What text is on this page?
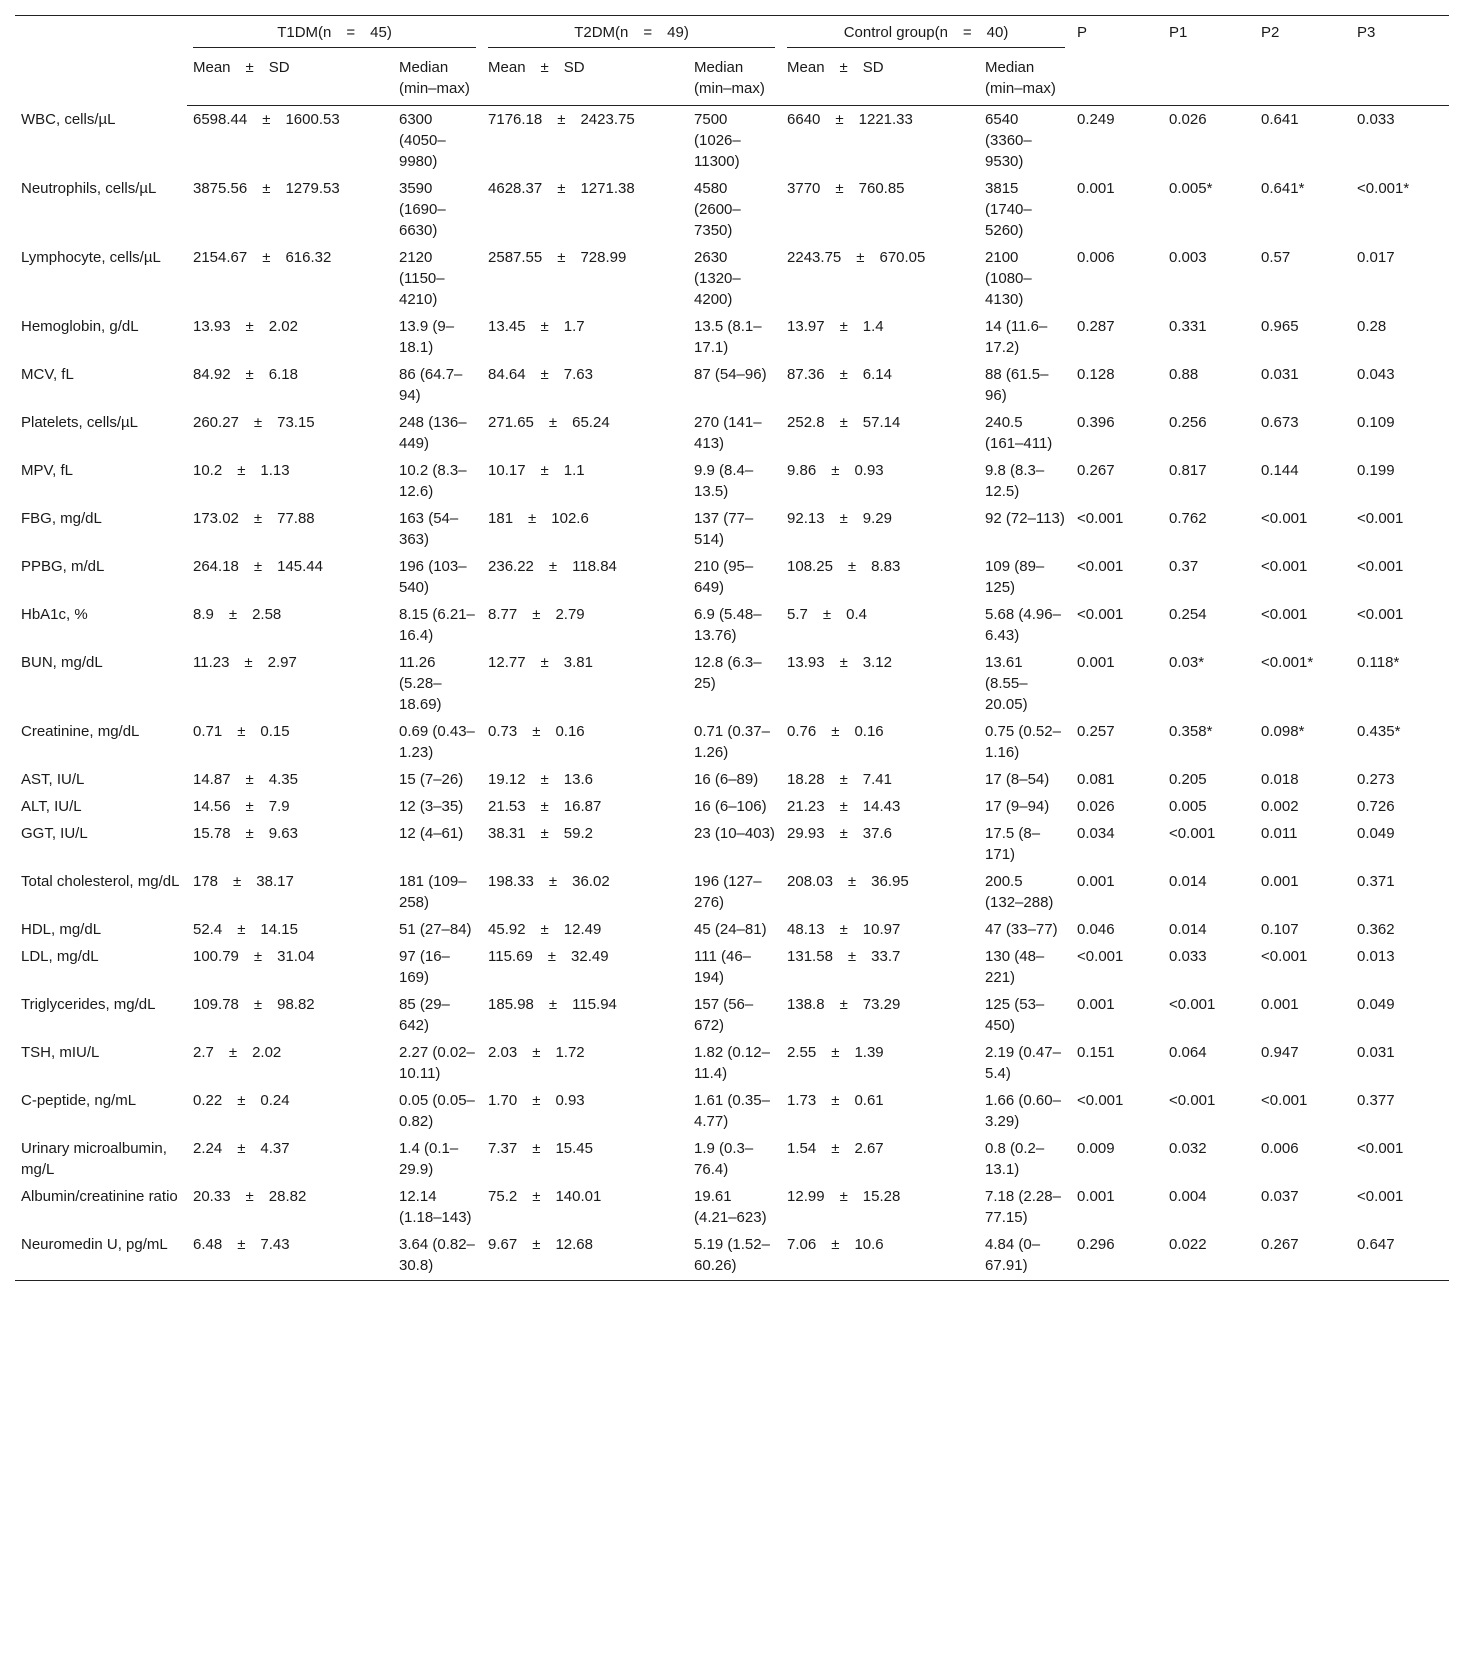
	T1DM(n = 45)		T2DM(n = 49)		Control group(n = 40)		P	P1	P2	P3
	Mean ± SD	Median (min–max)	Mean ± SD	Median (min–max)	Mean ± SD	Median (min–max)				
WBC, cells/µL	6598.44 ± 1600.53	6300 (4050–9980)	7176.18 ± 2423.75	7500 (1026–11300)	6640 ± 1221.33	6540 (3360–9530)	0.249	0.026	0.641	0.033
Neutrophils, cells/µL	3875.56 ± 1279.53	3590 (1690–6630)	4628.37 ± 1271.38	4580 (2600–7350)	3770 ± 760.85	3815 (1740–5260)	0.001	0.005*	0.641*	<0.001*
Lymphocyte, cells/µL	2154.67 ± 616.32	2120 (1150–4210)	2587.55 ± 728.99	2630 (1320–4200)	2243.75 ± 670.05	2100 (1080–4130)	0.006	0.003	0.57	0.017
Hemoglobin, g/dL	13.93 ± 2.02	13.9 (9–18.1)	13.45 ± 1.7	13.5 (8.1–17.1)	13.97 ± 1.4	14 (11.6–17.2)	0.287	0.331	0.965	0.28
MCV, fL	84.92 ± 6.18	86 (64.7–94)	84.64 ± 7.63	87 (54–96)	87.36 ± 6.14	88 (61.5–96)	0.128	0.88	0.031	0.043
Platelets, cells/µL	260.27 ± 73.15	248 (136–449)	271.65 ± 65.24	270 (141–413)	252.8 ± 57.14	240.5 (161–411)	0.396	0.256	0.673	0.109
MPV, fL	10.2 ± 1.13	10.2 (8.3–12.6)	10.17 ± 1.1	9.9 (8.4–13.5)	9.86 ± 0.93	9.8 (8.3–12.5)	0.267	0.817	0.144	0.199
FBG, mg/dL	173.02 ± 77.88	163 (54–363)	181 ± 102.6	137 (77–514)	92.13 ± 9.29	92 (72–113)	<0.001	0.762	<0.001	<0.001
PPBG, m/dL	264.18 ± 145.44	196 (103–540)	236.22 ± 118.84	210 (95–649)	108.25 ± 8.83	109 (89–125)	<0.001	0.37	<0.001	<0.001
HbA1c, %	8.9 ± 2.58	8.15 (6.21–16.4)	8.77 ± 2.79	6.9 (5.48–13.76)	5.7 ± 0.4	5.68 (4.96–6.43)	<0.001	0.254	<0.001	<0.001
BUN, mg/dL	11.23 ± 2.97	11.26 (5.28–18.69)	12.77 ± 3.81	12.8 (6.3–25)	13.93 ± 3.12	13.61 (8.55–20.05)	0.001	0.03*	<0.001*	0.118*
Creatinine, mg/dL	0.71 ± 0.15	0.69 (0.43–1.23)	0.73 ± 0.16	0.71 (0.37–1.26)	0.76 ± 0.16	0.75 (0.52–1.16)	0.257	0.358*	0.098*	0.435*
AST, IU/L	14.87 ± 4.35	15 (7–26)	19.12 ± 13.6	16 (6–89)	18.28 ± 7.41	17 (8–54)	0.081	0.205	0.018	0.273
ALT, IU/L	14.56 ± 7.9	12 (3–35)	21.53 ± 16.87	16 (6–106)	21.23 ± 14.43	17 (9–94)	0.026	0.005	0.002	0.726
GGT, IU/L	15.78 ± 9.63	12 (4–61)	38.31 ± 59.2	23 (10–403)	29.93 ± 37.6	17.5 (8–171)	0.034	<0.001	0.011	0.049
Total cholesterol, mg/dL	178 ± 38.17	181 (109–258)	198.33 ± 36.02	196 (127–276)	208.03 ± 36.95	200.5 (132–288)	0.001	0.014	0.001	0.371
HDL, mg/dL	52.4 ± 14.15	51 (27–84)	45.92 ± 12.49	45 (24–81)	48.13 ± 10.97	47 (33–77)	0.046	0.014	0.107	0.362
LDL, mg/dL	100.79 ± 31.04	97 (16–169)	115.69 ± 32.49	111 (46–194)	131.58 ± 33.7	130 (48–221)	<0.001	0.033	<0.001	0.013
Triglycerides, mg/dL	109.78 ± 98.82	85 (29–642)	185.98 ± 115.94	157 (56–672)	138.8 ± 73.29	125 (53–450)	0.001	<0.001	0.001	0.049
TSH, mIU/L	2.7 ± 2.02	2.27 (0.02–10.11)	2.03 ± 1.72	1.82 (0.12–11.4)	2.55 ± 1.39	2.19 (0.47–5.4)	0.151	0.064	0.947	0.031
C-peptide, ng/mL	0.22 ± 0.24	0.05 (0.05–0.82)	1.70 ± 0.93	1.61 (0.35–4.77)	1.73 ± 0.61	1.66 (0.60–3.29)	<0.001	<0.001	<0.001	0.377
Urinary microalbumin, mg/L	2.24 ± 4.37	1.4 (0.1–29.9)	7.37 ± 15.45	1.9 (0.3–76.4)	1.54 ± 2.67	0.8 (0.2–13.1)	0.009	0.032	0.006	<0.001
Albumin/creatinine ratio	20.33 ± 28.82	12.14 (1.18–143)	75.2 ± 140.01	19.61 (4.21–623)	12.99 ± 15.28	7.18 (2.28–77.15)	0.001	0.004	0.037	<0.001
Neuromedin U, pg/mL	6.48 ± 7.43	3.64 (0.82–30.8)	9.67 ± 12.68	5.19 (1.52–60.26)	7.06 ± 10.6	4.84 (0–67.91)	0.296	0.022	0.267	0.647
